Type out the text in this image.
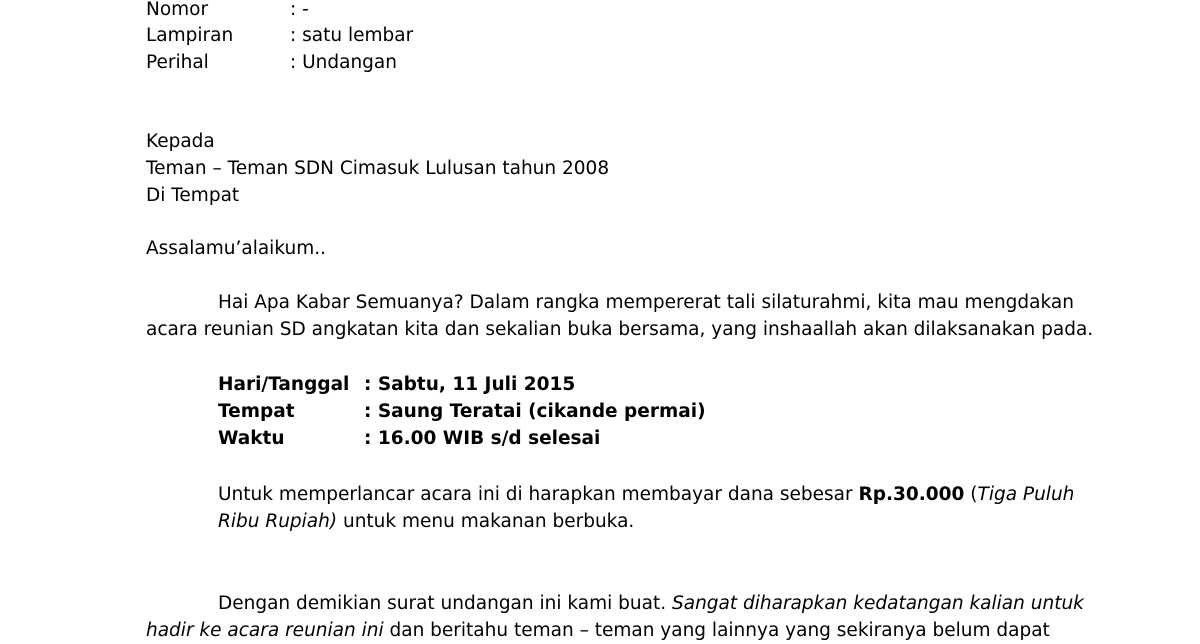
Nomor	: -
Lampiran	: satu lembar
Perihal	: Undangan
Kepada
Teman – Teman SDN Cimasuk Lulusan tahun 2008
Di Tempat
Assalamu’alaikum..
Hai Apa Kabar Semuanya? Dalam rangka mempererat tali silaturahmi, kita mau mengdakan
acara reunian SD angkatan kita dan sekalian buka bersama, yang inshaallah akan dilaksanakan pada.
Hari/Tanggal : Sabtu, 11 Juli 2015
Tempat	: Saung Teratai (cikande permai)
Waktu	: 16.00 WIB s/d selesai
Untuk memperlancar acara ini di harapkan membayar dana sebesar Rp.30.000 (Tiga Puluh
Ribu Rupiah) untuk menu makanan berbuka.
Dengan demikian surat undangan ini kami buat. Sangat diharapkan kedatangan kalian untuk
hadir ke acara reunian ini dan beritahu teman – teman yang lainnya yang sekiranya belum dapat
